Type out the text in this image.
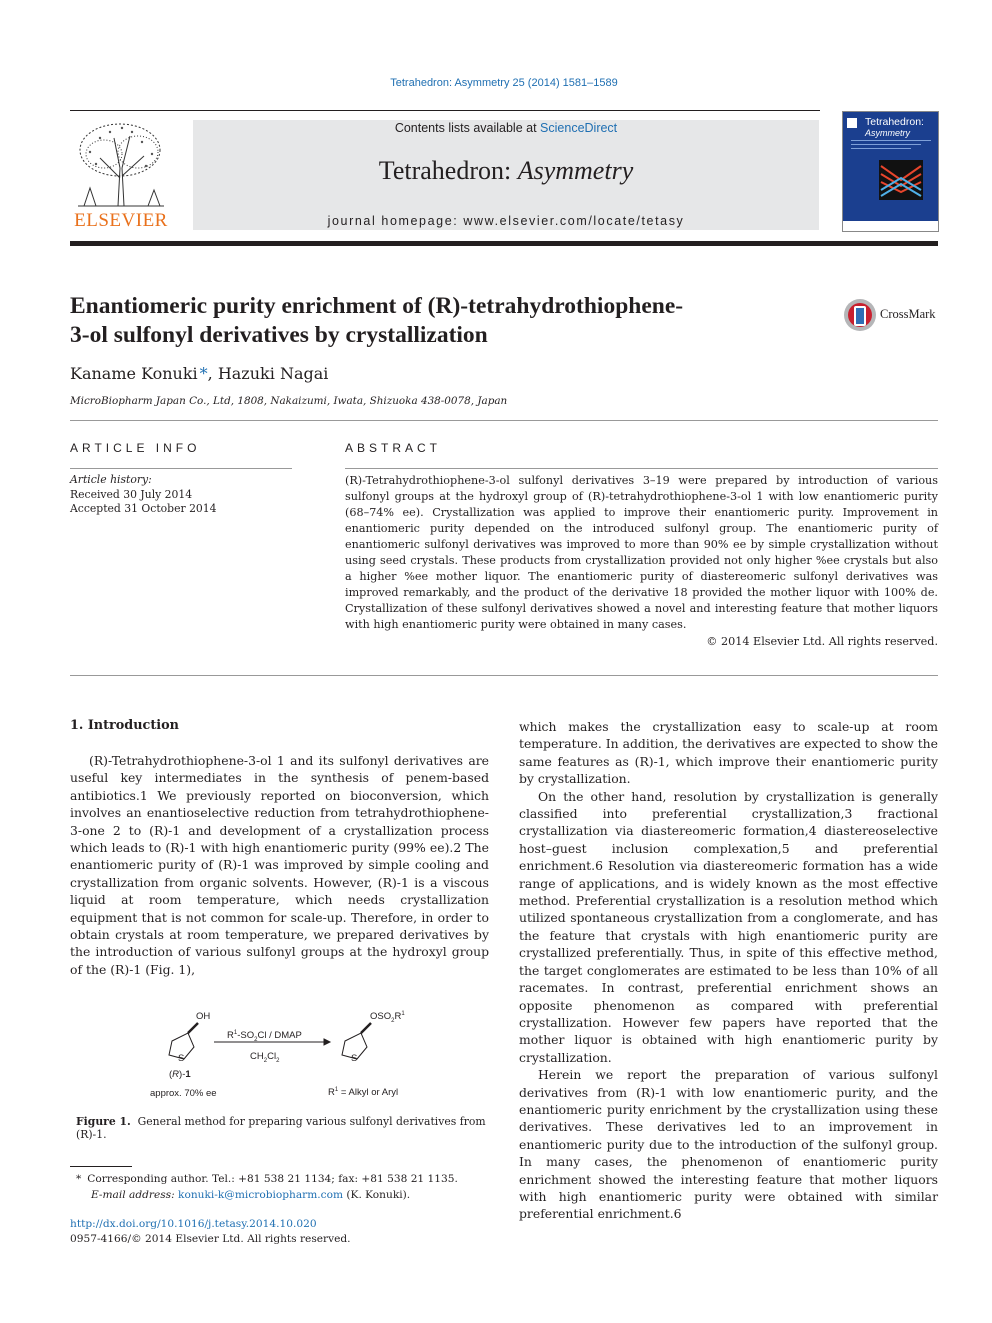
Tetrahedron: Asymmetry 25 (2014) 1581–1589
ELSEVIER
Contents lists available at ScienceDirect
Tetrahedron: Asymmetry
journal homepage: www.elsevier.com/locate/tetasy
Tetrahedron:
Asymmetry
Enantiomeric purity enrichment of (R)-tetrahydrothiophene-
3-ol sulfonyl derivatives by crystallization
CrossMark
Kaname Konuki *, Hazuki Nagai
MicroBiopharm Japan Co., Ltd, 1808, Nakaizumi, Iwata, Shizuoka 438-0078, Japan
ARTICLE INFO
Article history:
Received 30 July 2014
Accepted 31 October 2014
ABSTRACT

(R)-Tetrahydrothiophene-3-ol sulfonyl derivatives 3–19 were prepared by introduction of various sulfonyl groups at the hydroxyl group of (R)-tetrahydrothiophene-3-ol 1 with low enantiomeric purity (68–74% ee). Crystallization was applied to improve their enantiomeric purity. Improvement in enantiomeric purity depended on the introduced sulfonyl group. The enantiomeric purity of enantiomeric sulfonyl derivatives was improved to more than 90% ee by simple crystallization without using seed crystals. These products from crystallization provided not only higher %ee crystals but also a higher %ee mother liquor. The enantiomeric purity of diastereomeric sulfonyl derivatives was improved remarkably, and the product of the derivative 18 provided the mother liquor with 100% de. Crystallization of these sulfonyl derivatives showed a novel and interesting feature that mother liquors with high enantiomeric purity were obtained in many cases.

© 2014 Elsevier Ltd. All rights reserved.
1. Introduction

(R)-Tetrahydrothiophene-3-ol 1 and its sulfonyl derivatives are useful key intermediates in the synthesis of penem-based antibiotics.1 We previously reported on bioconversion, which involves an enantioselective reduction from tetrahydrothiophene-3-one 2 to (R)-1 and development of a crystallization process which leads to (R)-1 with high enantiomeric purity (99% ee).2 The enantiomeric purity of (R)-1 was improved by simple cooling and crystallization from organic solvents. However, (R)-1 is a viscous liquid at room temperature, which needs crystallization equipment that is not common for scale-up. Therefore, in order to obtain crystals at room temperature, we prepared derivatives by the introduction of various sulfonyl groups at the hydroxyl group of the (R)-1 (Fig. 1),

OH
S
$R^1-SO_2Cl$ / DMAP
$CH_2Cl_2$
$OSO_2R^1$
S
(R)-1
approx. 70% ee	$R^1$ = Alkyl or Aryl
Figure 1. General method for preparing various sulfonyl derivatives from (R)-1.
* Corresponding author. Tel.: +81 538 21 1134; fax: +81 538 21 1135.
E-mail address: konuki-k@microbiopharm.com (K. Konuki).
http://dx.doi.org/10.1016/j.tetasy.2014.10.020
0957-4166/© 2014 Elsevier Ltd. All rights reserved.

which makes the crystallization easy to scale-up at room temperature. In addition, the derivatives are expected to show the same features as (R)-1, which improve their enantiomeric purity by crystallization.

On the other hand, resolution by crystallization is generally classified into preferential crystallization,3 fractional crystallization via diastereomeric formation,4 diastereoselective host–guest inclusion complexation,5 and preferential enrichment.6 Resolution via diastereomeric formation has a wide range of applications, and is widely known as the most effective method. Preferential crystallization is a resolution method which utilized spontaneous crystallization from a conglomerate, and has the feature that crystals with high enantiomeric purity are crystallized preferentially. Thus, in spite of this effective method, the target conglomerates are estimated to be less than 10% of all racemates. In contrast, preferential enrichment shows an opposite phenomenon as compared with preferential crystallization. However few papers have reported that the mother liquor is obtained with high enantiomeric purity by crystallization.

Herein we report the preparation of various sulfonyl derivatives from (R)-1 with low enantiomeric purity, and the enantiomeric purity enrichment by the crystallization using these derivatives. These derivatives led to an improvement in enantiomeric purity due to the introduction of the sulfonyl group. In many cases, the phenomenon of enantiomeric purity enrichment showed the interesting feature that mother liquors with high enantiomeric purity were obtained with similar preferential enrichment.6
